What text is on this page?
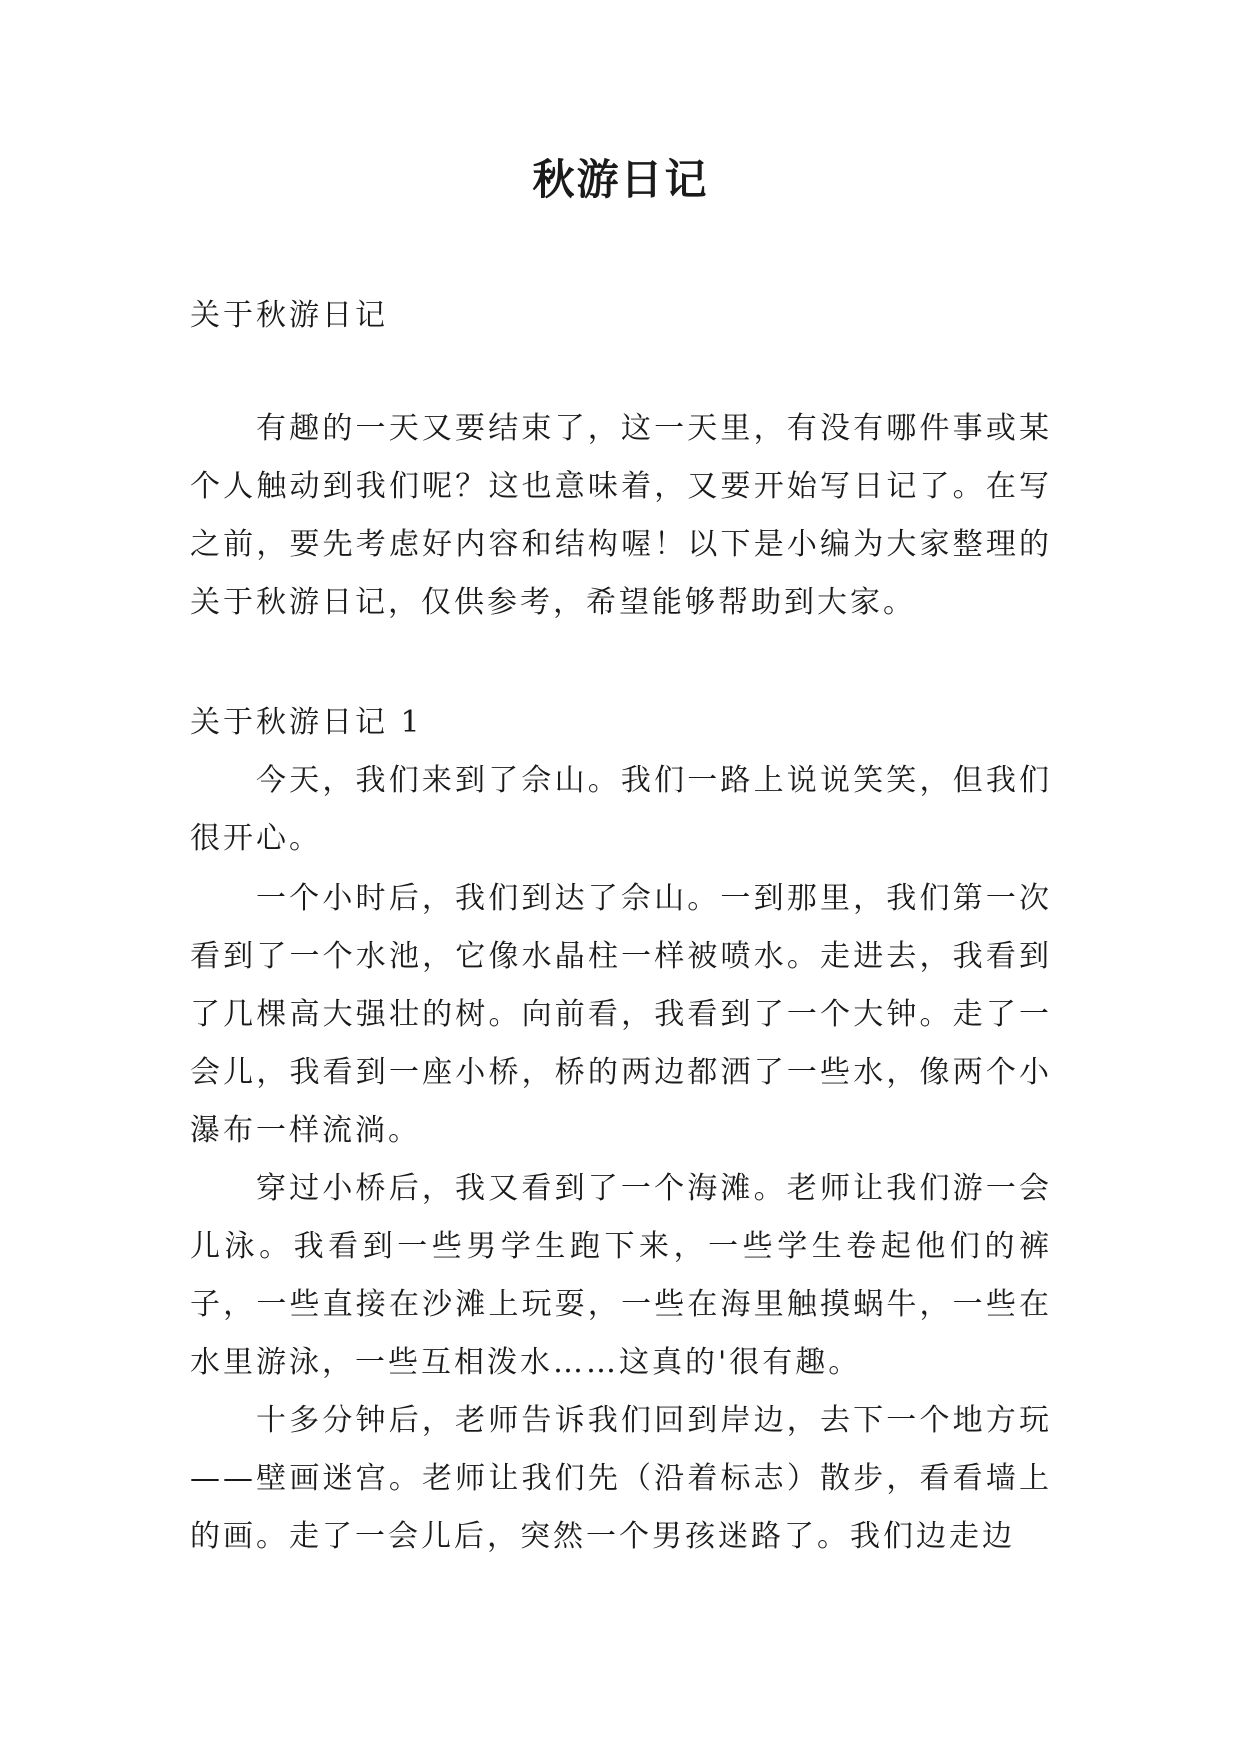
秋游日记

关于秋游日记

有趣的一天又要结束了，这一天里，有没有哪件事或某个人触动到我们呢？这也意味着，又要开始写日记了。在写之前，要先考虑好内容和结构喔！以下是小编为大家整理的关于秋游日记，仅供参考，希望能够帮助到大家。

关于秋游日记 1

今天，我们来到了佘山。我们一路上说说笑笑，但我们很开心。

一个小时后，我们到达了佘山。一到那里，我们第一次看到了一个水池，它像水晶柱一样被喷水。走进去，我看到了几棵高大强壮的树。向前看，我看到了一个大钟。走了一会儿，我看到一座小桥，桥的两边都洒了一些水，像两个小瀑布一样流淌。

穿过小桥后，我又看到了一个海滩。老师让我们游一会儿泳。我看到一些男学生跑下来，一些学生卷起他们的裤子，一些直接在沙滩上玩耍，一些在海里触摸蜗牛，一些在水里游泳，一些互相泼水……这真的'很有趣。

十多分钟后，老师告诉我们回到岸边，去下一个地方玩——壁画迷宫。老师让我们先（沿着标志）散步，看看墙上的画。走了一会儿后，突然一个男孩迷路了。我们边走边
